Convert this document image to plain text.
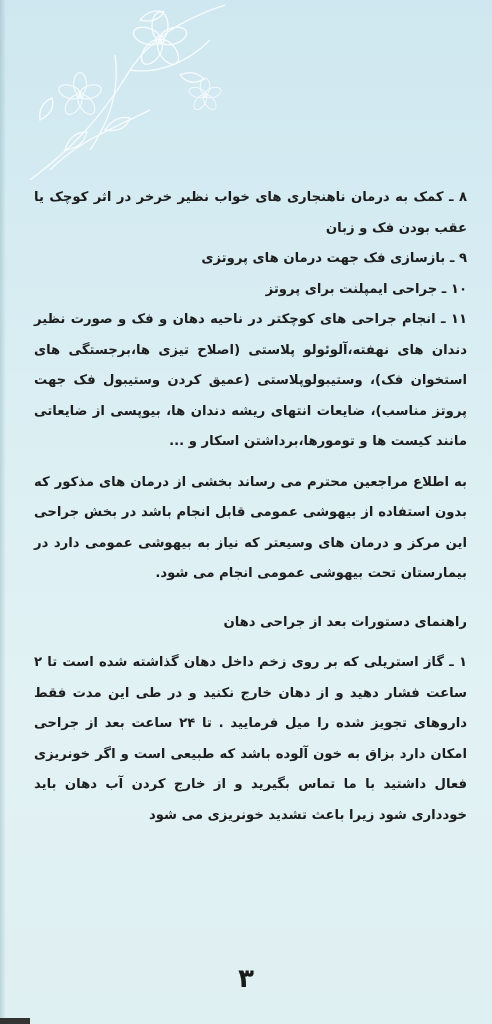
۸ ـ کمک به درمان ناهنجاری های خواب نظیر خرخر در اثر کوچک یا عقب بودن فک و زبان

۹ ـ بازسازی فک جهت درمان های پروتزی

۱۰ ـ جراحی ایمپلنت برای پروتز

۱۱ ـ انجام جراحی های کوچکتر در ناحیه دهان و فک و صورت نظیر دندان های نهفته،آلوئولو پلاستی (اصلاح تیزی ها،برجستگی های استخوان فک)، وستیبولوپلاستی (عمیق کردن وستیبول فک جهت پروتز مناسب)، ضایعات انتهای ریشه دندان ها، بیوپسی از ضایعاتی مانند کیست ها و تومورها،برداشتن اسکار و ...

به اطلاع مراجعین محترم می رساند بخشی از درمان های مذکور که بدون استفاده از بیهوشی عمومی قابل انجام باشد در بخش جراحی این مرکز و درمان های وسیعتر که نیاز به بیهوشی عمومی دارد در بیمارستان تحت بیهوشی عمومی انجام می شود.

راهنمای دستورات بعد از جراحی دهان

۱ ـ گاز استریلی که بر روی زخم داخل دهان گذاشته شده است تا ۲ ساعت فشار دهید و از دهان خارج نکنید و در طی این مدت فقط داروهای تجویز شده را میل فرمایید . تا ۲۴ ساعت بعد از جراحی امکان دارد بزاق به خون آلوده باشد که طبیعی است و اگر خونریزی فعال داشتید با ما تماس بگیرید و از خارج کردن آب دهان باید خودداری شود زیرا باعث تشدید خونریزی می شود

۳
